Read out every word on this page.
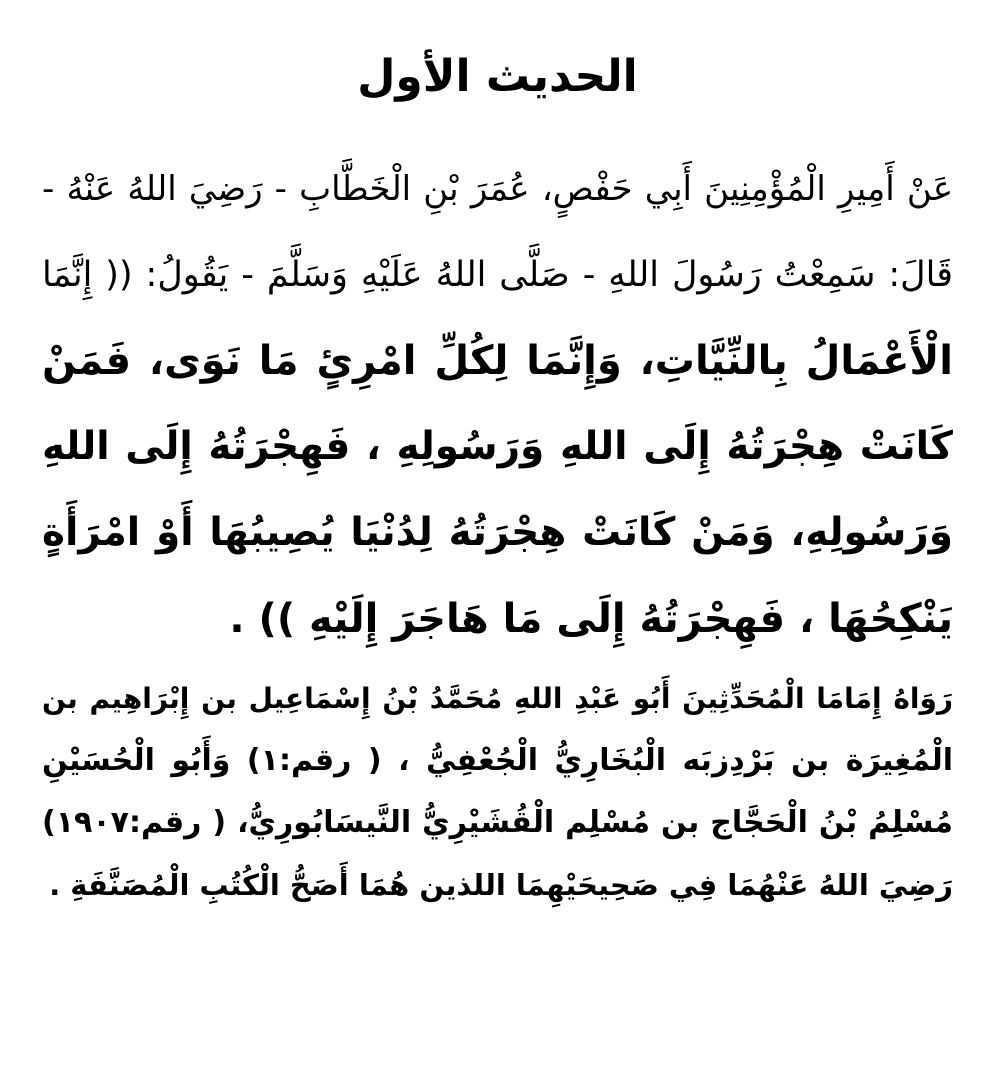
الحديث الأول
عَنْ أَمِيرِ الْمُؤْمِنِينَ أَبِي حَفْصٍ، عُمَرَ بْنِ الْخَطَّابِ - رَضِيَ اللهُ عَنْهُ -
قَالَ: سَمِعْتُ رَسُولَ اللهِ - صَلَّى اللهُ عَلَيْهِ وَسَلَّمَ - يَقُولُ: (( إِنَّمَا
الْأَعْمَالُ بِالنِّيَّاتِ، وَإِنَّمَا لِكُلِّ امْرِئٍ مَا نَوَى، فَمَنْ
كَانَتْ هِجْرَتُهُ إِلَى اللهِ وَرَسُولِهِ ، فَهِجْرَتُهُ إِلَى اللهِ
وَرَسُولِهِ، وَمَنْ كَانَتْ هِجْرَتُهُ لِدُنْيَا يُصِيبُهَا أَوْ امْرَأَةٍ
يَنْكِحُهَا ، فَهِجْرَتُهُ إِلَى مَا هَاجَرَ إِلَيْهِ )) .
رَوَاهُ إِمَامَا الْمُحَدِّثِينَ أَبُو عَبْدِ اللهِ مُحَمَّدُ بْنُ إِسْمَاعِيل بن إِبْرَاهِيم بن
الْمُغِيرَة بن بَرْدِزبَه الْبُخَارِيُّ الْجُعْفِيُّ ، ( رقم:١) وَأَبُو الْحُسَيْنِ
مُسْلِمُ بْنُ الْحَجَّاج بن مُسْلِم الْقُشَيْرِيُّ النَّيسَابُورِيُّ، ( رقم:١٩٠٧)
رَضِيَ اللهُ عَنْهُمَا فِي صَحِيحَيْهِمَا اللذين هُمَا أَصَحُّ الْكُتُبِ الْمُصَنَّفَةِ .
